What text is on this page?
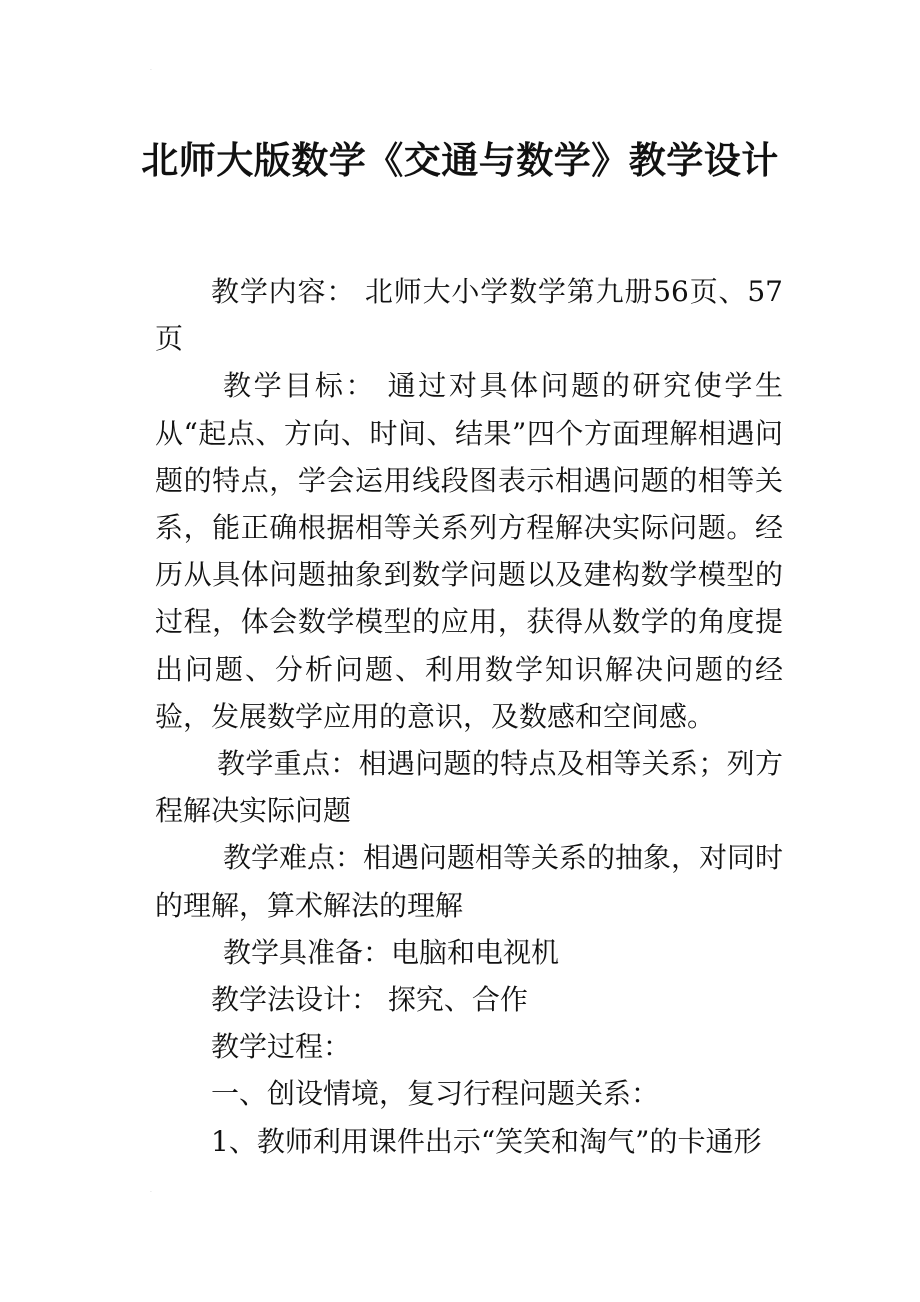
·
·
北师大版数学《交通与数学》教学设计

教学内容： 北师大小学数学第九册56页、57页

教学目标： 通过对具体问题的研究使学生从“起点、方向、时间、结果”四个方面理解相遇问题的特点，学会运用线段图表示相遇问题的相等关系，能正确根据相等关系列方程解决实际问题。经历从具体问题抽象到数学问题以及建构数学模型的过程，体会数学模型的应用，获得从数学的角度提出问题、分析问题、利用数学知识解决问题的经验，发展数学应用的意识，及数感和空间感。

教学重点：相遇问题的特点及相等关系；列方程解决实际问题

教学难点：相遇问题相等关系的抽象，对同时的理解，算术解法的理解

教学具准备：电脑和电视机

教学法设计： 探究、合作

教学过程：

一、创设情境，复习行程问题关系：

1、教师利用课件出示“笑笑和淘气”的卡通形
